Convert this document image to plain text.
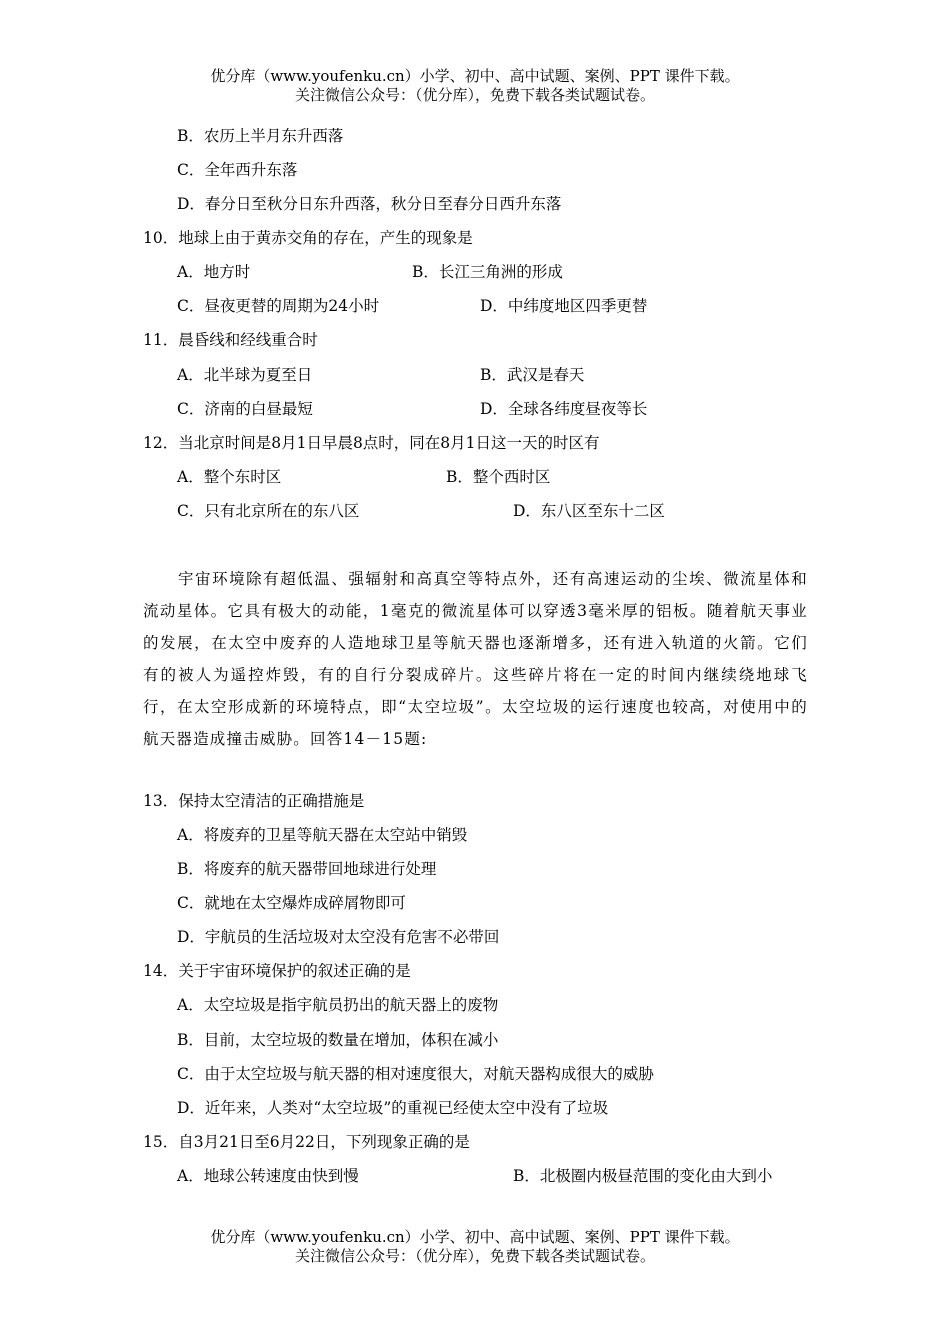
优分库（www.youfenku.cn）小学、初中、高中试题、案例、PPT 课件下载。
关注微信公众号：（优分库），免费下载各类试题试卷。
B．农历上半月东升西落
C．全年西升东落
D．春分日至秋分日东升西落，秋分日至春分日西升东落
10．地球上由于黄赤交角的存在，产生的现象是
A．地方时	B．长江三角洲的形成
C．昼夜更替的周期为24小时	D．中纬度地区四季更替
11．晨昏线和经线重合时
A．北半球为夏至日	B．武汉是春天
C．济南的白昼最短	D．全球各纬度昼夜等长
12．当北京时间是8月1日早晨8点时，同在8月1日这一天的时区有
A．整个东时区	B．整个西时区
C．只有北京所在的东八区	D．东八区至东十二区
宇宙环境除有超低温、强辐射和高真空等特点外，还有高速运动的尘埃、微流星体和流动星体。它具有极大的动能，1毫克的微流星体可以穿透3毫米厚的铝板。随着航天事业的发展，在太空中废弃的人造地球卫星等航天器也逐渐增多，还有进入轨道的火箭。它们有的被人为遥控炸毁，有的自行分裂成碎片。这些碎片将在一定的时间内继续绕地球飞行，在太空形成新的环境特点，即“太空垃圾”。太空垃圾的运行速度也较高，对使用中的航天器造成撞击威胁。回答14－15题:
13．保持太空清洁的正确措施是
A．将废弃的卫星等航天器在太空站中销毁
B．将废弃的航天器带回地球进行处理
C．就地在太空爆炸成碎屑物即可
D．宇航员的生活垃圾对太空没有危害不必带回
14．关于宇宙环境保护的叙述正确的是
A．太空垃圾是指宇航员扔出的航天器上的废物
B．目前，太空垃圾的数量在增加，体积在减小
C．由于太空垃圾与航天器的相对速度很大，对航天器构成很大的威胁
D．近年来，人类对“太空垃圾”的重视已经使太空中没有了垃圾
15．自3月21日至6月22日，下列现象正确的是
A．地球公转速度由快到慢	B．北极圈内极昼范围的变化由大到小
优分库（www.youfenku.cn）小学、初中、高中试题、案例、PPT 课件下载。
关注微信公众号：（优分库），免费下载各类试题试卷。
